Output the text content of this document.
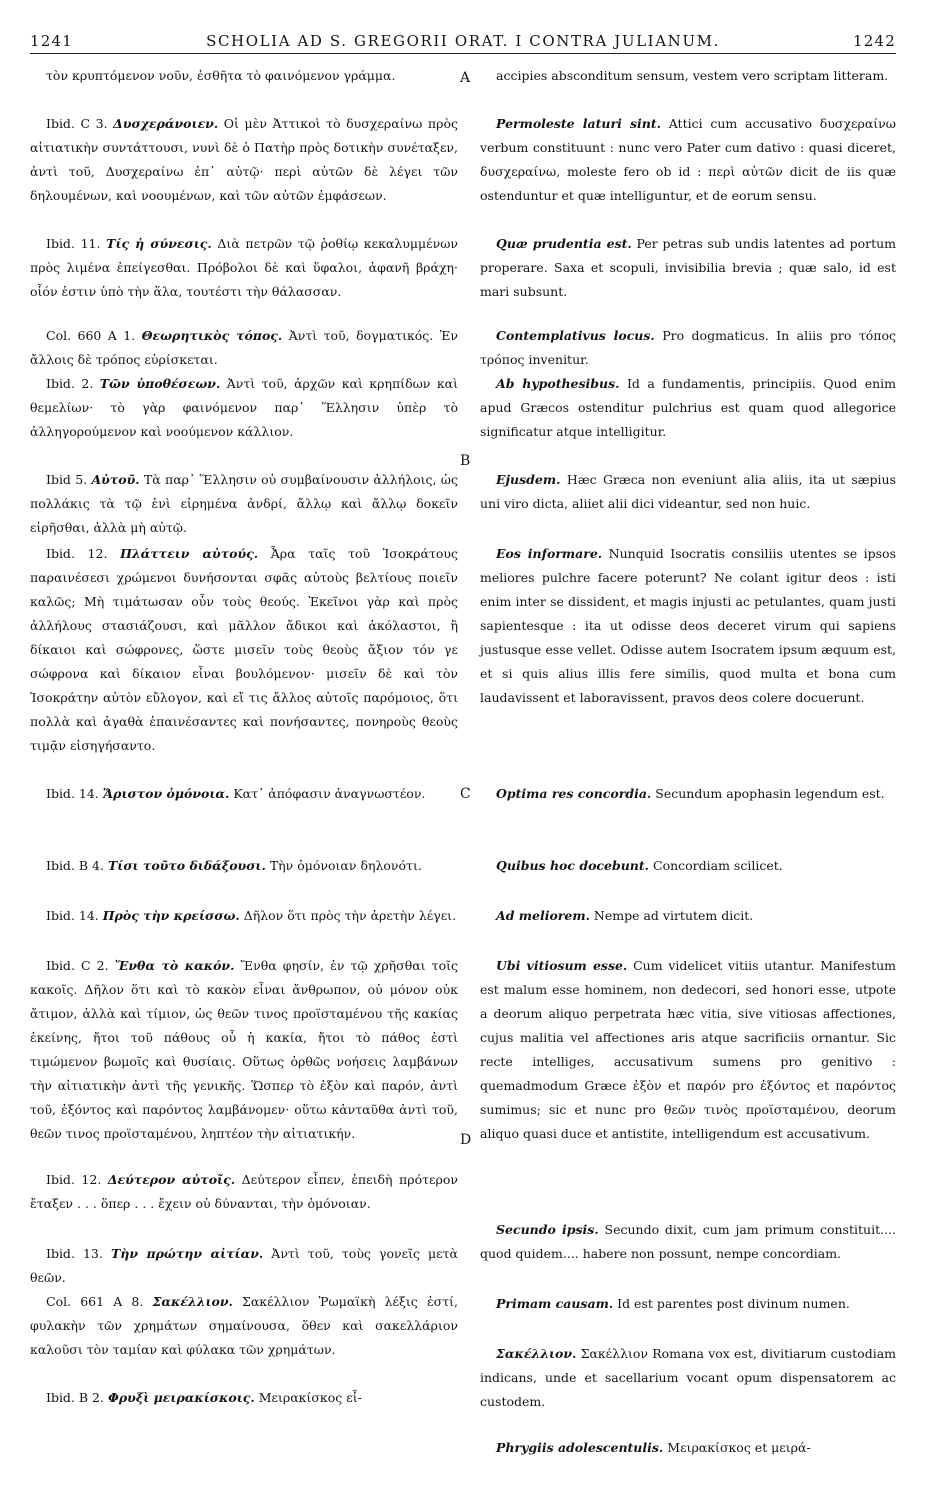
1241	SCHOLIA AD S. GREGORII ORAT. I CONTRA JULIANUM.	1242
A
B
C
D

τὸν κρυπτόμενον νοῦν, ἐσθῆτα τὸ φαινόμενον γράμμα.

Ibid. C 3. Δυσχεράνοιεν. Οἱ μὲν Ἀττικοὶ τὸ δυσχεραίνω πρὸς αἰτιατικὴν συντάττουσι, νυνὶ δὲ ὁ Πατὴρ πρὸς δοτικὴν συνέταξεν, ἀντὶ τοῦ, Δυσχεραίνω ἐπ᾽ αὐτῷ· περὶ αὐτῶν δὲ λέγει τῶν δηλουμένων, καὶ νοουμένων, καὶ τῶν αὐτῶν ἐμφάσεων.

Ibid. 11. Τίς ἡ σύνεσις. Διὰ πετρῶν τῷ ῥοθίῳ κεκαλυμμένων πρὸς λιμένα ἐπείγεσθαι. Πρόβολοι δὲ καὶ ὕφαλοι, ἀφανῆ βράχη· οἷόν ἐστιν ὑπὸ τὴν ἅλα, τουτέστι τὴν θάλασσαν.

Col. 660 A 1. Θεωρητικὸς τόπος. Ἀντὶ τοῦ, δογματικός. Ἐν ἄλλοις δὲ τρόπος εὑρίσκεται.

Ibid. 2. Τῶν ὑποθέσεων. Ἀντὶ τοῦ, ἀρχῶν καὶ κρηπίδων καὶ θεμελίων· τὸ γὰρ φαινόμενον παρ᾽ Ἕλλησιν ὑπὲρ τὸ ἀλληγορούμενον καὶ νοούμενον κάλλιον.

Ibid 5. Αὐτοῦ. Τὰ παρ᾽ Ἕλλησιν οὐ συμβαίνουσιν ἀλλήλοις, ὡς πολλάκις τὰ τῷ ἑνὶ εἰρημένα ἀνδρί, ἄλλῳ καὶ ἄλλῳ δοκεῖν εἰρῆσθαι, ἀλλὰ μὴ αὐτῷ.

Ibid. 12. Πλάττειν αὐτούς. Ἆρα ταῖς τοῦ Ἰσοκράτους παραινέσεσι χρώμενοι δυνήσονται σφᾶς αὐτοὺς βελτίους ποιεῖν καλῶς; Μὴ τιμάτωσαν οὖν τοὺς θεούς. Ἐκεῖνοι γὰρ καὶ πρὸς ἀλλήλους στασιάζουσι, καὶ μᾶλλον ἄδικοι καὶ ἀκόλαστοι, ἢ δίκαιοι καὶ σώφρονες, ὥστε μισεῖν τοὺς θεοὺς ἄξιον τόν γε σώφρονα καὶ δίκαιον εἶναι βουλόμενον· μισεῖν δὲ καὶ τὸν Ἰσοκράτην αὐτὸν εὔλογον, καὶ εἴ τις ἄλλος αὐτοῖς παρόμοιος, ὅτι πολλὰ καὶ ἀγαθὰ ἐπαινέσαντες καὶ πονήσαντες, πονηροὺς θεοὺς τιμᾷν εἰσηγήσαντο.

Ibid. 14. Ἄριστον ὁμόνοια. Κατ᾽ ἀπόφασιν ἀναγνωστέον.

Ibid. B 4. Τίσι τοῦτο διδάξουσι. Τὴν ὁμόνοιαν δηλονότι.

Ibid. 14. Πρὸς τὴν κρείσσω. Δῆλον ὅτι πρὸς τὴν ἀρετὴν λέγει.

Ibid. C 2. Ἔνθα τὸ κακόν. Ἔνθα φησίν, ἐν τῷ χρῆσθαι τοῖς κακοῖς. Δῆλον ὅτι καὶ τὸ κακὸν εἶναι ἄνθρωπον, οὐ μόνον οὐκ ἄτιμον, ἀλλὰ καὶ τίμιον, ὡς θεῶν τινος προϊσταμένου τῆς κακίας ἐκείνης, ἤτοι τοῦ πάθους οὗ ἡ κακία, ἤτοι τὸ πάθος ἐστὶ τιμώμενον βωμοῖς καὶ θυσίαις. Οὕτως ὀρθῶς νοήσεις λαμβάνων τὴν αἰτιατικὴν ἀντὶ τῆς γενικῆς. Ὥσπερ τὸ ἐξὸν καὶ παρόν, ἀντὶ τοῦ, ἐξόντος καὶ παρόντος λαμβάνομεν· οὕτω κἀνταῦθα ἀντὶ τοῦ, θεῶν τινος προϊσταμένου, ληπτέον τὴν αἰτιατικήν.

Ibid. 12. Δεύτερον αὐτοῖς. Δεύτερον εἶπεν, ἐπειδὴ πρότερον ἔταξεν . . . ὅπερ . . . ἔχειν οὐ δύνανται, τὴν ὁμόνοιαν.

Ibid. 13. Τὴν πρώτην αἰτίαν. Ἀντὶ τοῦ, τοὺς γονεῖς μετὰ θεῶν.

Col. 661 A 8. Σακέλλιον. Σακέλλιον Ῥωμαϊκὴ λέξις ἐστί, φυλακὴν τῶν χρημάτων σημαίνουσα, ὅθεν καὶ σακελλάριον καλοῦσι τὸν ταμίαν καὶ φύλακα τῶν χρημάτων.

Ibid. B 2. Φρυξὶ μειρακίσκοις. Μειρακίσκος εἶ-

accipies absconditum sensum, vestem vero scriptam litteram.

Permoleste laturi sint. Attici cum accusativo δυσχεραίνω verbum constituunt : nunc vero Pater cum dativo : quasi diceret, δυσχεραίνω, moleste fero ob id : περὶ αὐτῶν dicit de iis quæ ostenduntur et quæ intelliguntur, et de eorum sensu.

Quæ prudentia est. Per petras sub undis latentes ad portum properare. Saxa et scopuli, invisibilia brevia ; quæ salo, id est mari subsunt.

Contemplativus locus. Pro dogmaticus. In aliis pro τόπος τρόπος invenitur.

Ab hypothesibus. Id a fundamentis, principiis. Quod enim apud Græcos ostenditur pulchrius est quam quod allegorice significatur atque intelligitur.

Ejusdem. Hæc Græca non eveniunt alia aliis, ita ut sæpius uni viro dicta, aliiet alii dici videantur, sed non huic.

Eos informare. Nunquid Isocratis consiliis utentes se ipsos meliores pulchre facere poterunt? Ne colant igitur deos : isti enim inter se dissident, et magis injusti ac petulantes, quam justi sapientesque : ita ut odisse deos deceret virum qui sapiens justusque esse vellet. Odisse autem Isocratem ipsum æquum est, et si quis alius illis fere similis, quod multa et bona cum laudavissent et laboravissent, pravos deos colere docuerunt.

Optima res concordia. Secundum apophasin legendum est.

Quibus hoc docebunt. Concordiam scilicet.

Ad meliorem. Nempe ad virtutem dicit.

Ubi vitiosum esse. Cum videlicet vitiis utantur. Manifestum est malum esse hominem, non dedecori, sed honori esse, utpote a deorum aliquo perpetrata hæc vitia, sive vitiosas affectiones, cujus malitia vel affectiones aris atque sacrificiis ornantur. Sic recte intelliges, accusativum sumens pro genitivo : quemadmodum Græce ἐξὸν et παρόν pro ἐξόντος et παρόντος sumimus; sic et nunc pro θεῶν τινὸς προϊσταμένου, deorum aliquo quasi duce et antistite, intelligendum est accusativum.

Secundo ipsis. Secundo dixit, cum jam primum constituit.... quod quidem.... habere non possunt, nempe concordiam.

Primam causam. Id est parentes post divinum numen.

Σακέλλιον. Σακέλλιον Romana vox est, divitiarum custodiam indicans, unde et sacellarium vocant opum dispensatorem ac custodem.

Phrygiis adolescentulis. Μειρακίσκος et μειρά-
